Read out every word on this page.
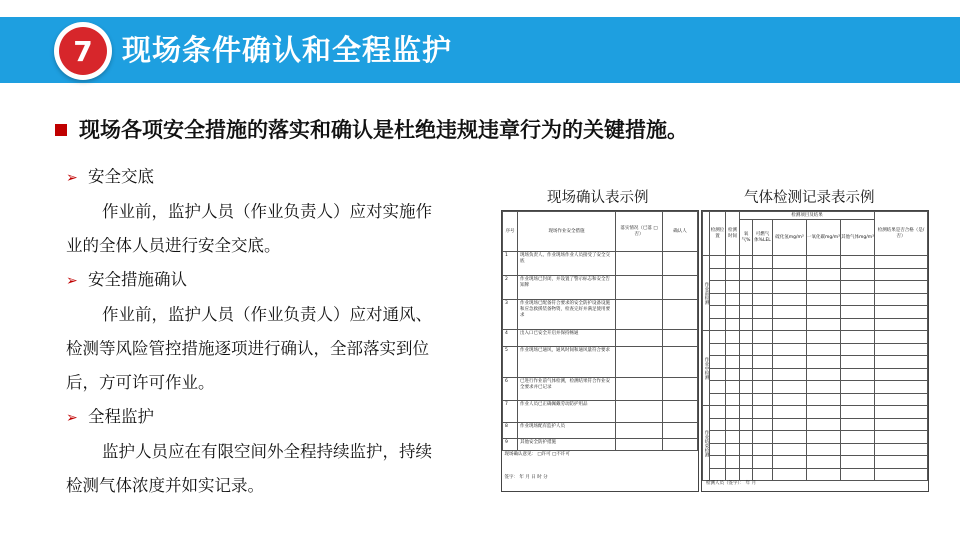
7	现场条件确认和全程监护
现场各项安全措施的落实和确认是杜绝违规违章行为的关键措施。
➢ 安全交底
作业前，监护人员（作业负责人）应对实施作
业的全体人员进行安全交底。
➢ 安全措施确认
作业前，监护人员（作业负责人）应对通风、
检测等风险管控措施逐项进行确认，全部落实到位
后，方可许可作业。
➢ 全程监护
监护人员应在有限空间外全程持续监护，持续
检测气体浓度并如实记录。
现场确认表示例	气体检测记录表示例
序号	现场作业安全措施	落实情况（已落 □否）	确认人
1	现场负责人、作业现场作业人员接受了安全交底		
2	作业现场已封闭，并设置了警示标志和安全告知牌		
3	作业现场已配备符合要求的安全防护设备设施和应急救援装备物资，检查完好并满足使用要求		
4	出入口已安全开启并保持畅通		
5	作业现场已通风，通风时间和通风量符合要求		
6	已进行作业前气体检测，检测结果符合作业安全要求并已记录		
7	作业人员已正确佩戴劳动防护用品		
8	作业现场配有监护人员		
9	其他安全防护措施		
现场确认意见： □许可 □不许可			
签字： 年 月 日 时 分			
	检测位置	检测时间	检测项目及结果					检测结果是否合格（是/否）
			氧气%	可燃气体%LEL	硫化氢mg/m³	一氧化碳mg/m³	其他气体mg/m³	
作业前检测								

作业中检测								

作业结束检测								

检测人员（签字）： 年 月
